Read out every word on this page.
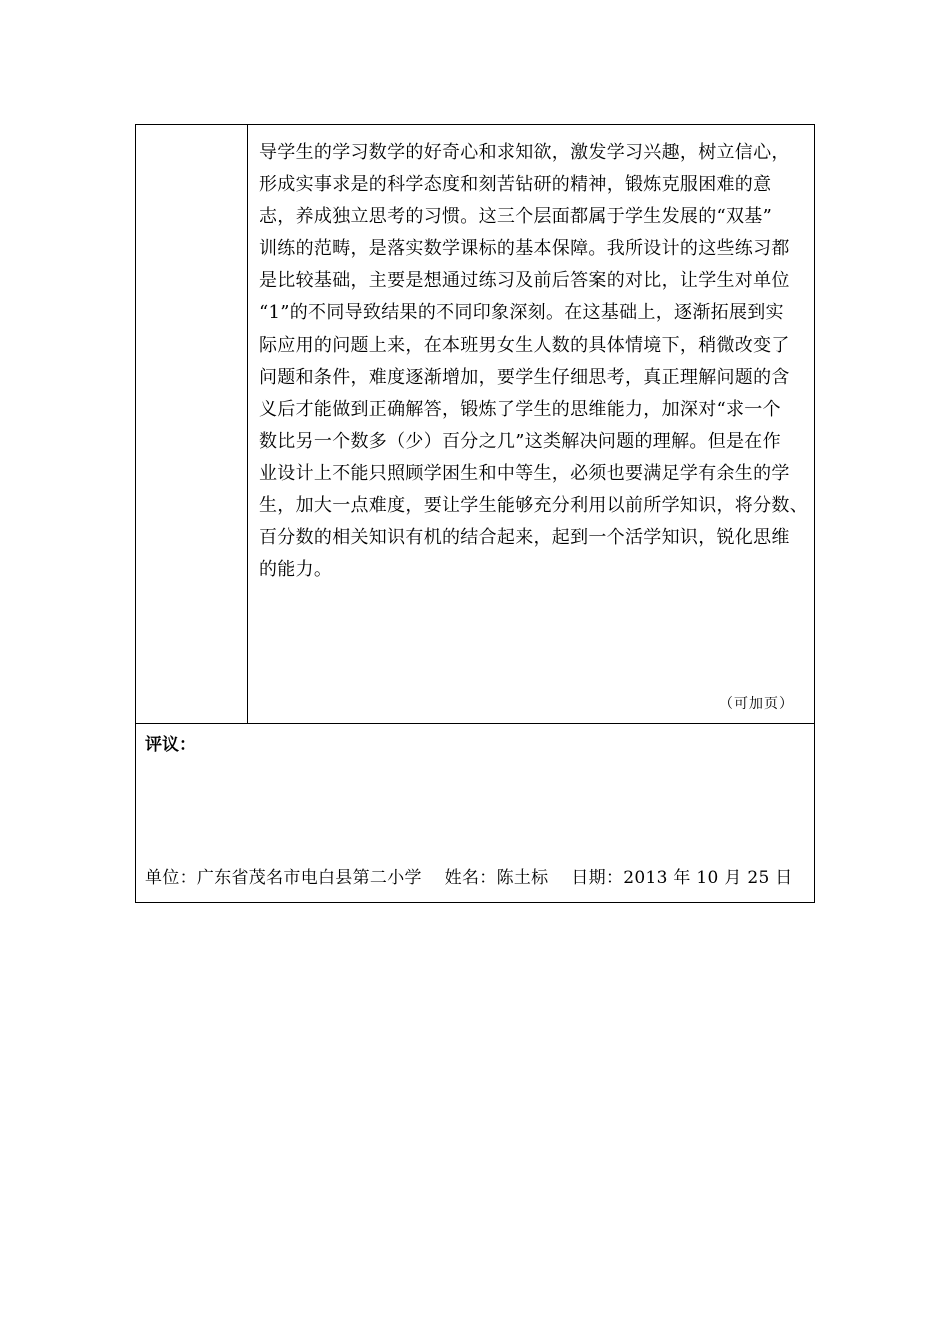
导学生的学习数学的好奇心和求知欲，激发学习兴趣，树立信心，
形成实事求是的科学态度和刻苦钻研的精神，锻炼克服困难的意
志，养成独立思考的习惯。这三个层面都属于学生发展的“双基”
训练的范畴，是落实数学课标的基本保障。我所设计的这些练习都
是比较基础，主要是想通过练习及前后答案的对比，让学生对单位
“1”的不同导致结果的不同印象深刻。在这基础上，逐渐拓展到实
际应用的问题上来，在本班男女生人数的具体情境下，稍微改变了
问题和条件，难度逐渐增加，要学生仔细思考，真正理解问题的含
义后才能做到正确解答，锻炼了学生的思维能力，加深对“求一个
数比另一个数多（少）百分之几”这类解决问题的理解。但是在作
业设计上不能只照顾学困生和中等生，必须也要满足学有余生的学
生，加大一点难度，要让学生能够充分利用以前所学知识，将分数、
百分数的相关知识有机的结合起来，起到一个活学知识，锐化思维
的能力。
（可加页）
评议：
单位：广东省茂名市电白县第二小学 姓名：陈土标 日期：2013 年 10 月 25 日
